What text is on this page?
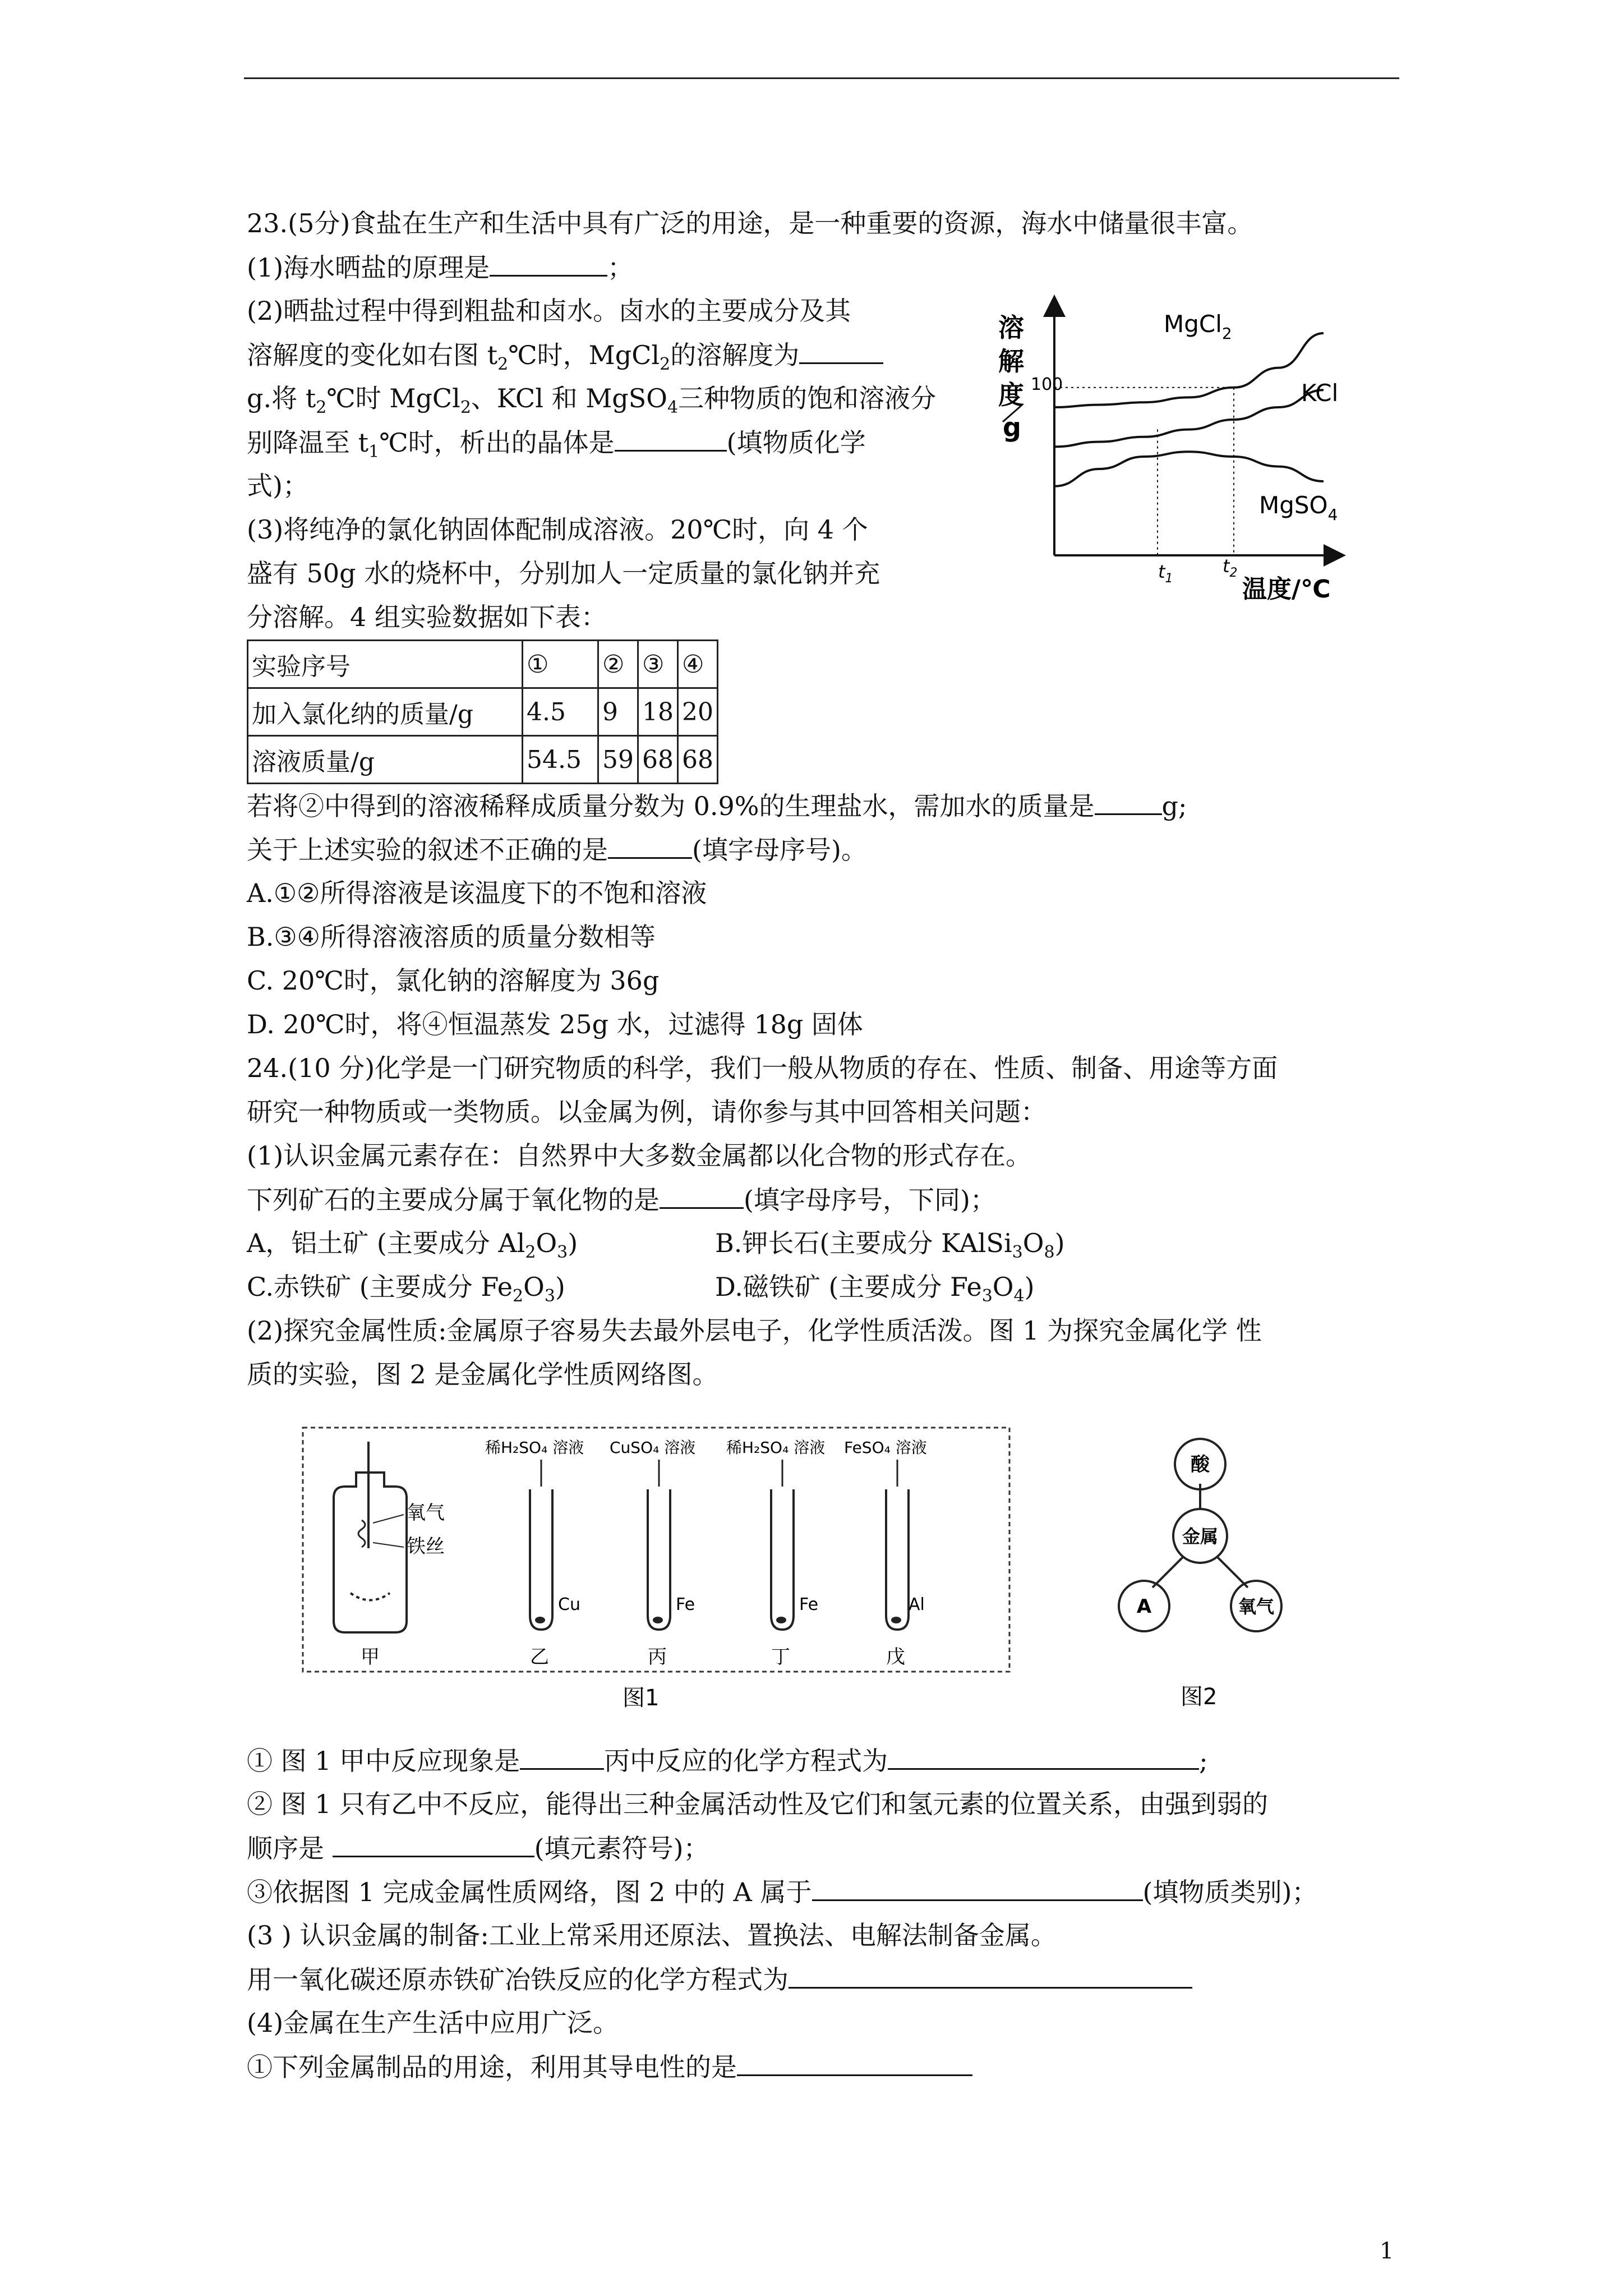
23.(5分)食盐在生产和生活中具有广泛的用途，是一种重要的资源，海水中储量很丰富。
(1)海水晒盐的原理是	；
(2)晒盐过程中得到粗盐和卤水。卤水的主要成分及其
溶解度的变化如右图 $t_2℃$时，MgCl$_2$的溶解度为
g.将 $t_2℃$时 MgCl$_2$、KCl 和 MgSO$_4$三种物质的饱和溶液分
别降温至 $t_1℃$时，析出的晶体是	(填物质化学
式)；
(3)将纯净的氯化钠固体配制成溶液。20℃时，向 4 个
盛有 50g 水的烧杯中，分别加人一定质量的氯化钠并充
分溶解。4 组实验数据如下表：
实验序号	①	②	③	④
加入氯化纳的质量/g	4.5	9	18	20
溶液质量/g	54.5	59	68	68
若将②中得到的溶液稀释成质量分数为 0.9%的生理盐水，需加水的质量是	g;
关于上述实验的叙述不正确的是	(填字母序号)。
A.①②所得溶液是该温度下的不饱和溶液
B.③④所得溶液溶质的质量分数相等
C. 20℃时，氯化钠的溶解度为 36g
D. 20℃时，将④恒温蒸发 25g 水，过滤得 18g 固体
溶
解
度
g
100
MgCl$_2$
KCl
MgSO$_4$
$t_1$
$t_2$
温度/℃
24.(10 分)化学是一门研究物质的科学，我们一般从物质的存在、性质、制备、用途等方面
研究一种物质或一类物质。以金属为例，请你参与其中回答相关问题：
(1)认识金属元素存在：自然界中大多数金属都以化合物的形式存在。
下列矿石的主要成分属于氧化物的是	(填字母序号，下同)；
A，铝土矿 (主要成分 $Al_2O_3$)	B.钾长石(主要成分 $KAlSi_3O_8$)
C.赤铁矿 (主要成分 $Fe_2O_3$)	D.磁铁矿 (主要成分 $Fe_3O_4$)
(2)探究金属性质:金属原子容易失去最外层电子，化学性质活泼。图 1 为探究金属化学 性
质的实验，图 2 是金属化学性质网络图。
氧气
铁丝
甲
稀H₂SO₄ 溶液
Cu
乙
CuSO₄ 溶液
Fe
丙
稀H₂SO₄ 溶液
Fe
丁
FeSO₄ 溶液
Al
戊
图1
酸
金属
A	氧气
图2
① 图 1 甲中反应现象是	丙中反应的化学方程式为	;
② 图 1 只有乙中不反应，能得出三种金属活动性及它们和氢元素的位置关系，由强到弱的
顺序是	(填元素符号)；
③依据图 1 完成金属性质网络，图 2 中的 A 属于	(填物质类别)；
(3 ) 认识金属的制备:工业上常采用还原法、置换法、电解法制备金属。
用一氧化碳还原赤铁矿冶铁反应的化学方程式为
(4)金属在生产生活中应用广泛。
①下列金属制品的用途，利用其导电性的是
1
